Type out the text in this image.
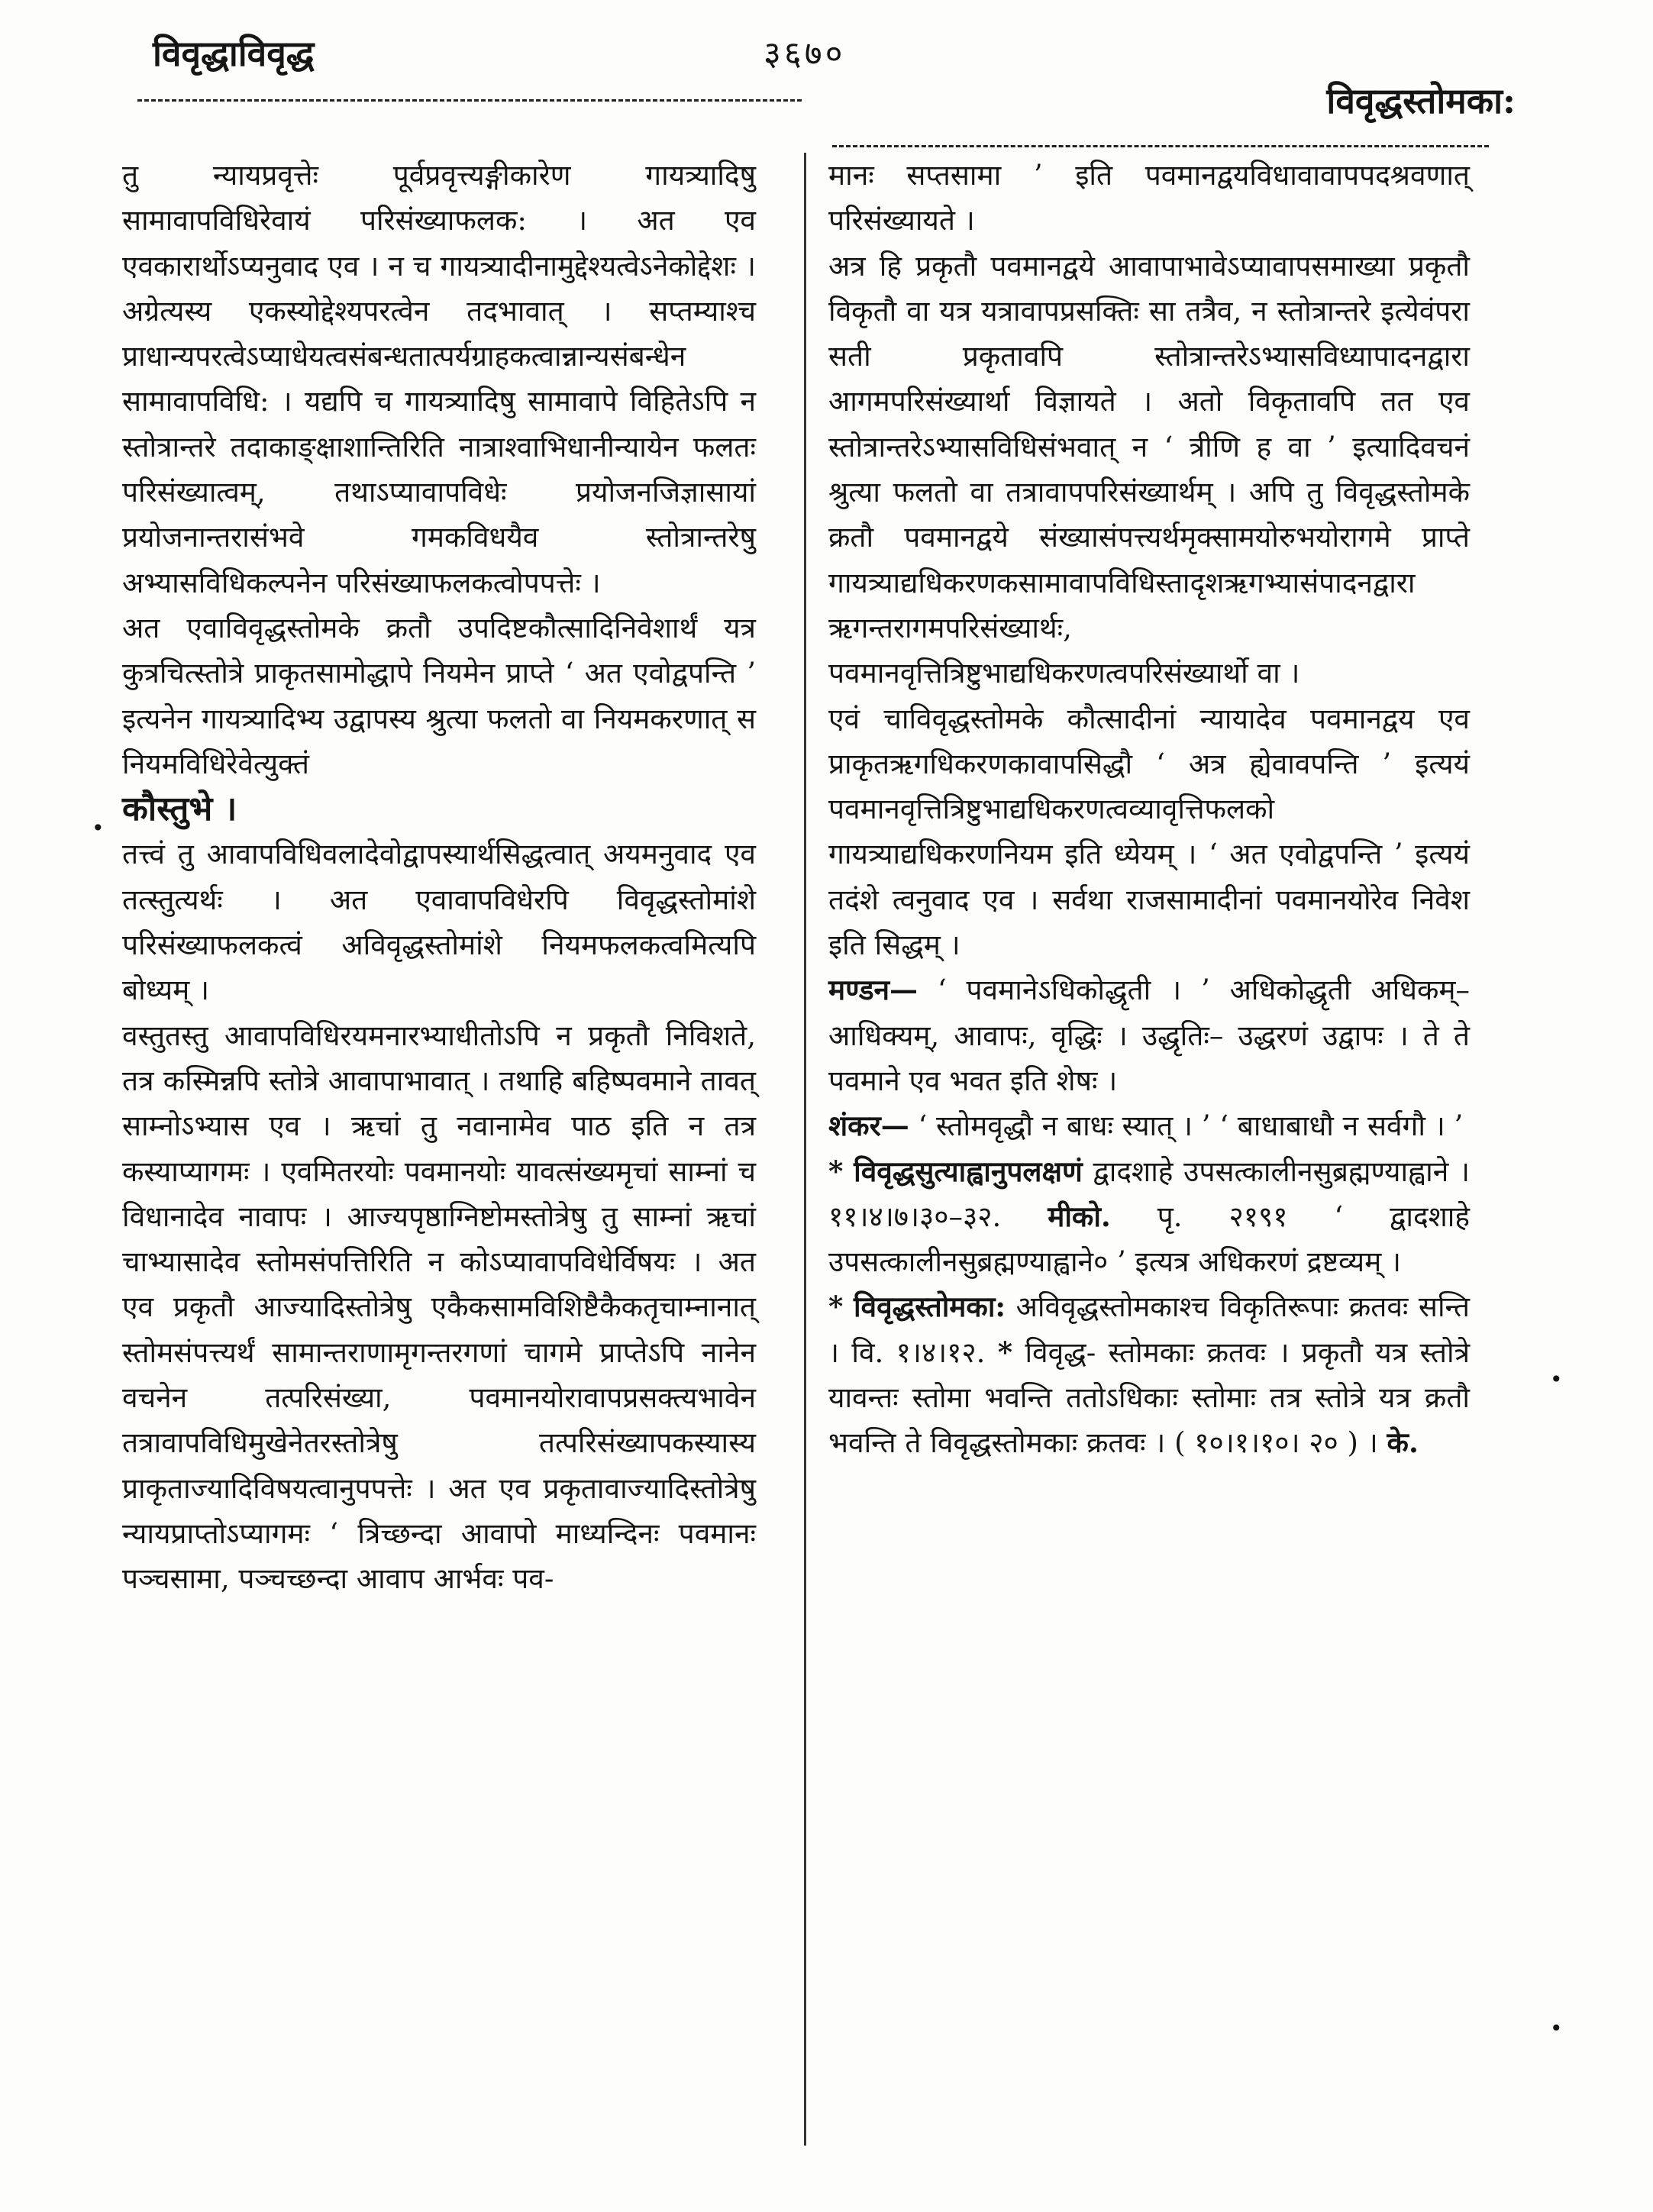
विवृद्धाविवृद्ध	३६७०
विवृद्धस्तोमका:

तु न्यायप्रवृत्तेः पूर्वप्रवृत्त्यङ्गीकारेण गायत्र्यादिषु सामावापविधिरेवायं परिसंख्याफलक: । अत एव एवकारार्थोऽप्यनुवाद एव । न च गायत्र्यादीनामुद्देश्यत्वेऽनेकोद्देशः । अग्रेत्यस्य एकस्योद्देश्यपरत्वेन तदभावात् । सप्तम्याश्च प्राधान्यपरत्वेऽप्याधेयत्वसंबन्धतात्पर्यग्राहकत्वान्नान्यसंबन्धेन सामावापविधि: । यद्यपि च गायत्र्यादिषु सामावापे विहितेऽपि न स्तोत्रान्तरे तदाकाङ्क्षाशान्तिरिति नात्राश्वाभिधानीन्यायेन फलतः परिसंख्यात्वम्, तथाऽप्यावापविधेः प्रयोजनजिज्ञासायां प्रयोजनान्तरासंभवे गमकविधयैव स्तोत्रान्तरेषु अभ्यासविधिकल्पनेन परिसंख्याफलकत्वोपपत्तेः ।

अत एवाविवृद्धस्तोमके क्रतौ उपदिष्टकौत्सादिनिवेशार्थं यत्र कुत्रचित्स्तोत्रे प्राकृतसामोद्धापे नियमेन प्राप्ते ‘ अत एवोद्वपन्ति ’ इत्यनेन गायत्र्यादिभ्य उद्वापस्य श्रुत्या फलतो वा नियमकरणात् स नियमविधिरेवेत्युक्तं

कौस्तुभे ।

तत्त्वं तु आवापविधिवलादेवोद्वापस्यार्थसिद्धत्वात् अयमनुवाद एव तत्स्तुत्यर्थः । अत एवावापविधेरपि विवृद्धस्तोमांशे परिसंख्याफलकत्वं अविवृद्धस्तोमांशे नियमफलकत्वमित्यपि बोध्यम् ।

वस्तुतस्तु आवापविधिरयमनारभ्याधीतोऽपि न प्रकृतौ निविशते, तत्र कस्मिन्नपि स्तोत्रे आवापाभावात् । तथाहि बहिष्पवमाने तावत् साम्नोऽभ्यास एव । ऋचां तु नवानामेव पाठ इति न तत्र कस्याप्यागमः । एवमितरयोः पवमानयोः यावत्संख्यमृचां साम्नां च विधानादेव नावापः । आज्यपृष्ठाग्निष्टोमस्तोत्रेषु तु साम्नां ऋचां चाभ्यासादेव स्तोमसंपत्तिरिति न कोऽप्यावापविधेर्विषयः । अत एव प्रकृतौ आज्यादिस्तोत्रेषु एकैकसामविशिष्टैकैकतृचाम्नानात् स्तोमसंपत्त्यर्थं सामान्तराणामृगन्तरगणां चागमे प्राप्तेऽपि नानेन वचनेन तत्परिसंख्या, पवमानयोरावापप्रसक्त्यभावेन तत्रावापविधिमुखेनेतरस्तोत्रेषु तत्परिसंख्यापकस्यास्य प्राकृताज्यादिविषयत्वानुपपत्तेः । अत एव प्रकृतावाज्यादिस्तोत्रेषु न्यायप्राप्तोऽप्यागमः ‘ त्रिच्छन्दा आवापो माध्यन्दिनः पवमानः पञ्चसामा, पञ्चच्छन्दा आवाप आर्भवः पव-

मानः सप्तसामा ’ इति पवमानद्वयविधावावापपदश्रवणात् परिसंख्यायते ।

अत्र हि प्रकृतौ पवमानद्वये आवापाभावेऽप्यावापसमाख्या प्रकृतौ विकृतौ वा यत्र यत्रावापप्रसक्तिः सा तत्रैव, न स्तोत्रान्तरे इत्येवंपरा सती प्रकृतावपि स्तोत्रान्तरेऽभ्यासविध्यापादनद्वारा आगमपरिसंख्यार्था विज्ञायते । अतो विकृतावपि तत एव स्तोत्रान्तरेऽभ्यासविधिसंभवात् न ‘ त्रीणि ह वा ’ इत्यादिवचनं श्रुत्या फलतो वा तत्रावापपरिसंख्यार्थम् । अपि तु विवृद्धस्तोमके क्रतौ पवमानद्वये संख्यासंपत्त्यर्थमृक्सामयोरुभयोरागमे प्राप्ते गायत्र्याद्यधिकरणकसामावापविधिस्तादृशऋगभ्यासंपादनद्वारा ऋगन्तरागमपरिसंख्यार्थः, पवमानवृत्तित्रिष्टुभाद्यधिकरणत्वपरिसंख्यार्थो वा ।

एवं चाविवृद्धस्तोमके कौत्सादीनां न्यायादेव पवमानद्वय एव प्राकृतऋगधिकरणकावापसिद्धौ ‘ अत्र ह्येवावपन्ति ’ इत्ययं पवमानवृत्तित्रिष्टुभाद्यधिकरणत्वव्यावृत्तिफलको गायत्र्याद्यधिकरणनियम इति ध्येयम् । ‘ अत एवोद्वपन्ति ’ इत्ययं तदंशे त्वनुवाद एव । सर्वथा राजसामादीनां पवमानयोरेव निवेश इति सिद्धम् ।

मण्डन— ‘ पवमानेऽधिकोद्धृती । ’ अधिकोद्धृती अधिकम्– आधिक्यम्, आवापः, वृद्धिः । उद्धृतिः– उद्धरणं उद्वापः । ते ते पवमाने एव भवत इति शेषः ।

शंकर— ‘ स्तोमवृद्धौ न बाधः स्यात् । ’ ‘ बाधाबाधौ न सर्वगौ । ’

* विवृद्धसुत्याह्वानुपलक्षणं द्वादशाहे उपसत्कालीनसुब्रह्मण्याह्वाने । ११।४।७।३०–३२. मीको. पृ. २१९१ ‘ द्वादशाहे उपसत्कालीनसुब्रह्मण्याह्वाने० ’ इत्यत्र अधिकरणं द्रष्टव्यम् ।

* विवृद्धस्तोमका: अविवृद्धस्तोमकाश्च विकृतिरूपाः क्रतवः सन्ति । वि. १।४।१२. * विवृद्ध- स्तोमकाः क्रतवः । प्रकृतौ यत्र स्तोत्रे यावन्तः स्तोमा भवन्ति ततोऽधिकाः स्तोमाः तत्र स्तोत्रे यत्र क्रतौ भवन्ति ते विवृद्धस्तोमकाः क्रतवः । ( १०।१।१०। २० ) । के.

•
•
•
